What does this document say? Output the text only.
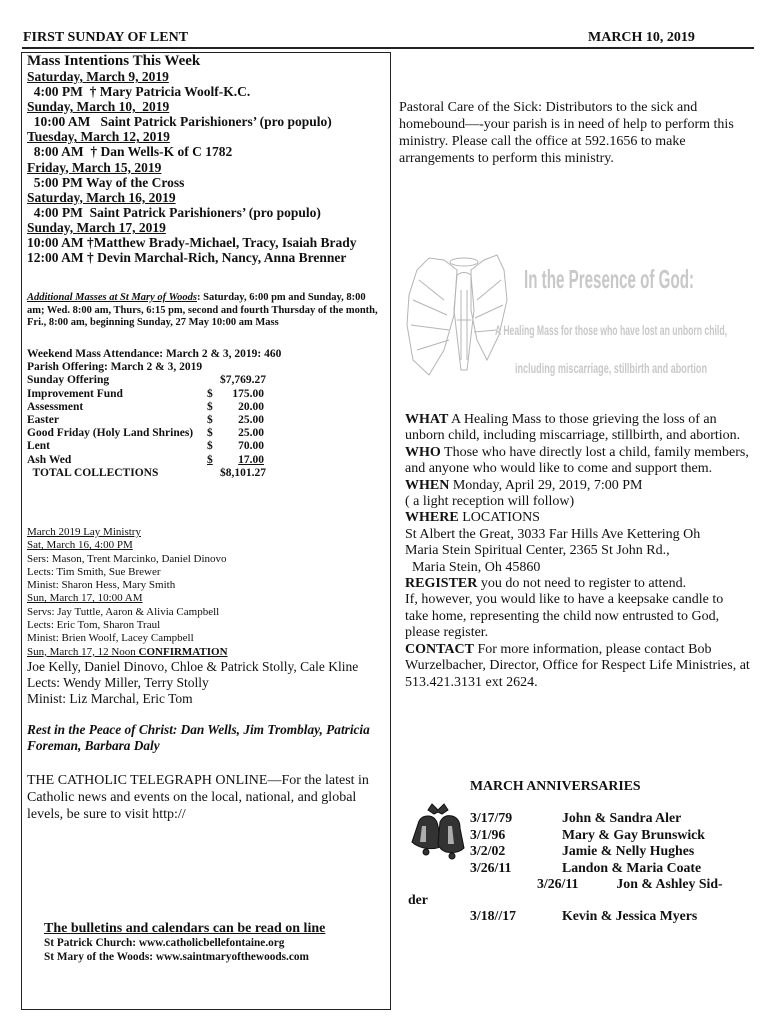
FIRST SUNDAY OF LENT	MARCH 10, 2019
Mass Intentions This Week
Saturday, March 9, 2019
4:00 PM  † Mary Patricia Woolf-K.C.
Sunday, March 10,  2019
10:00 AM   Saint Patrick Parishioners’ (pro populo)
Tuesday, March 12, 2019
8:00 AM  † Dan Wells-K of C 1782
Friday, March 15, 2019
5:00 PM Way of the Cross
Saturday, March 16, 2019
4:00 PM  Saint Patrick Parishioners’ (pro populo)
Sunday, March 17, 2019
10:00 AM †Matthew Brady-Michael, Tracy, Isaiah Brady
12:00 AM † Devin Marchal-Rich, Nancy, Anna Brenner
Additional Masses at St Mary of Woods: Saturday, 6:00 pm and Sunday, 8:00 am; Wed. 8:00 am, Thurs, 6:15 pm, second and fourth Thursday of the month, Fri., 8:00 am, beginning Sunday, 27 May 10:00 am Mass
Weekend Mass Attendance: March 2 & 3, 2019: 460
Parish Offering: March 2 & 3, 2019
Sunday Offering	$7,769.27
Improvement Fund	$	175.00
Assessment	$	20.00
Easter	$	25.00
Good Friday (Holy Land Shrines)	$	25.00
Lent	$	70.00
Ash Wed	$	17.00
TOTAL COLLECTIONS	$8,101.27
March 2019 Lay Ministry
Sat, March 16, 4:00 PM
Sers: Mason, Trent Marcinko, Daniel Dinovo
Lects: Tim Smith, Sue Brewer
Minist: Sharon Hess, Mary Smith
Sun, March 17, 10:00 AM
Servs: Jay Tuttle, Aaron & Alivia Campbell
Lects: Eric Tom, Sharon Traul
Minist: Brien Woolf, Lacey Campbell
Sun, March 17, 12 Noon CONFIRMATION
Joe Kelly, Daniel Dinovo, Chloe & Patrick Stolly, Cale Kline
Lects: Wendy Miller, Terry Stolly
Minist: Liz Marchal, Eric Tom
Rest in the Peace of Christ: Dan Wells, Jim Tromblay, Patricia Foreman, Barbara Daly
THE CATHOLIC TELEGRAPH ONLINE—For the latest in Catholic news and events on the local, national, and global levels, be sure to visit http://
The bulletins and calendars can be read on line
St Patrick Church: www.catholicbellefontaine.org
St Mary of the Woods: www.saintmaryofthewoods.com
Pastoral Care of the Sick: Distributors to the sick and homebound—-your parish is in need of help to perform this ministry. Please call the office at 592.1656 to make arrangements to perform this ministry.
In the Presence of God:
A Healing Mass for those who have lost an unborn child,
including miscarriage, stillbirth and abortion
WHAT A Healing Mass to those grieving the loss of an unborn child, including miscarriage, stillbirth, and abortion.
WHO Those who have directly lost a child, family members, and anyone who would like to come and support them.
WHEN Monday, April 29, 2019, 7:00 PM
( a light reception will follow)
WHERE LOCATIONS
St Albert the Great, 3033 Far Hills Ave Kettering Oh
Maria Stein Spiritual Center, 2365 St John Rd.,
Maria Stein, Oh 45860
REGISTER you do not need to register to attend.
If, however, you would like to have a keepsake candle to take home, representing the child now entrusted to God, please register.
CONTACT For more information, please contact Bob Wurzelbacher, Director, Office for Respect Life Ministries, at 513.421.3131 ext 2624.
MARCH ANNIVERSARIES
3/17/79	John & Sandra Aler
3/1/96	Mary & Gay Brunswick
3/2/02	Jamie & Nelly Hughes
3/26/11	Landon & Maria Coate
3/26/11	Jon & Ashley Sid-
der
3/18//17	Kevin & Jessica Myers
